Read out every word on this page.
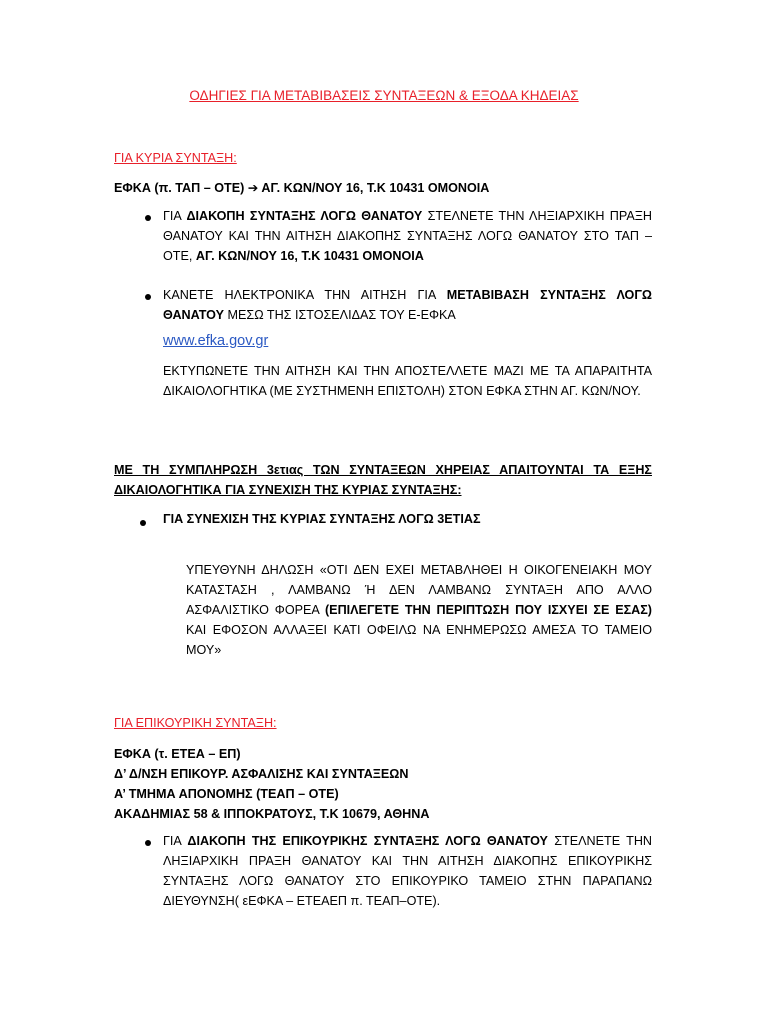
ΟΔΗΓΙΕΣ ΓΙΑ ΜΕΤΑΒΙΒΑΣΕΙΣ ΣΥΝΤΑΞΕΩΝ & ΕΞΟΔΑ ΚΗΔΕΙΑΣ
ΓΙΑ ΚΥΡΙΑ ΣΥΝΤΑΞΗ:
ΕΦΚΑ (π. ΤΑΠ – ΟΤΕ) ➔ ΑΓ. ΚΩΝ/ΝΟΥ 16, Τ.Κ 10431 ΟΜΟΝΟΙΑ
ΓΙΑ ΔΙΑΚΟΠΗ ΣΥΝΤΑΞΗΣ ΛΟΓΩ ΘΑΝΑΤΟΥ ΣΤΕΛΝΕΤΕ ΤΗΝ ΛΗΞΙΑΡΧΙΚΗ ΠΡΑΞΗ ΘΑΝΑΤΟΥ ΚΑΙ ΤΗΝ ΑΙΤΗΣΗ ΔΙΑΚΟΠΗΣ ΣΥΝΤΑΞΗΣ ΛΟΓΩ ΘΑΝΑΤΟΥ ΣΤΟ ΤΑΠ – ΟΤΕ, ΑΓ. ΚΩΝ/ΝΟΥ 16, Τ.Κ 10431 ΟΜΟΝΟΙΑ
ΚΑΝΕΤΕ ΗΛΕΚΤΡΟΝΙΚΑ ΤΗΝ ΑΙΤΗΣΗ ΓΙΑ ΜΕΤΑΒΙΒΑΣΗ ΣΥΝΤΑΞΗΣ ΛΟΓΩ ΘΑΝΑΤΟΥ ΜΕΣΩ ΤΗΣ ΙΣΤΟΣΕΛΙΔΑΣ ΤΟΥ Ε-ΕΦΚΑ
www.efka.gov.gr
ΕΚΤΥΠΩΝΕΤΕ ΤΗΝ ΑΙΤΗΣΗ ΚΑΙ ΤΗΝ ΑΠΟΣΤΕΛΛΕΤΕ ΜΑΖΙ ΜΕ ΤΑ ΑΠΑΡΑΙΤΗΤΑ ΔΙΚΑΙΟΛΟΓΗΤΙΚΑ (ΜΕ ΣΥΣΤΗΜΕΝΗ ΕΠΙΣΤΟΛΗ) ΣΤΟΝ ΕΦΚΑ ΣΤΗΝ ΑΓ. ΚΩΝ/ΝΟΥ.
ΜΕ ΤΗ ΣΥΜΠΛΗΡΩΣΗ 3ετιας ΤΩΝ ΣΥΝΤΑΞΕΩΝ ΧΗΡΕΙΑΣ ΑΠΑΙΤΟΥΝΤΑΙ ΤΑ ΕΞΗΣ ΔΙΚΑΙΟΛΟΓΗΤΙΚΑ ΓΙΑ ΣΥΝΕΧΙΣΗ ΤΗΣ ΚΥΡΙΑΣ ΣΥΝΤΑΞΗΣ:
ΓΙΑ ΣΥΝΕΧΙΣΗ ΤΗΣ ΚΥΡΙΑΣ ΣΥΝΤΑΞΗΣ ΛΟΓΩ 3ΕΤΙΑΣ
ΥΠΕΥΘΥΝΗ ΔΗΛΩΣΗ «ΟΤΙ ΔΕΝ ΕΧΕΙ ΜΕΤΑΒΛΗΘΕΙ Η ΟΙΚΟΓΕΝΕΙΑΚΗ ΜΟΥ ΚΑΤΑΣΤΑΣΗ , ΛΑΜΒΑΝΩ Ή ΔΕΝ ΛΑΜΒΑΝΩ ΣΥΝΤΑΞΗ ΑΠΟ ΑΛΛΟ ΑΣΦΑΛΙΣΤΙΚΟ ΦΟΡΕΑ (ΕΠΙΛΕΓΕΤΕ ΤΗΝ ΠΕΡΙΠΤΩΣΗ ΠΟΥ ΙΣΧΥΕΙ ΣΕ ΕΣΑΣ) ΚΑΙ ΕΦΟΣΟΝ ΑΛΛΑΞΕΙ ΚΑΤΙ ΟΦΕΙΛΩ ΝΑ ΕΝΗΜΕΡΩΣΩ ΑΜΕΣΑ ΤΟ ΤΑΜΕΙΟ ΜΟΥ»
ΓΙΑ ΕΠΙΚΟΥΡΙΚΗ ΣΥΝΤΑΞΗ:
ΕΦΚΑ (τ. ΕΤΕΑ – ΕΠ)
Δ’ Δ/ΝΣΗ ΕΠΙΚΟΥΡ. ΑΣΦΑΛΙΣΗΣ ΚΑΙ ΣΥΝΤΑΞΕΩΝ
Α’ ΤΜΗΜΑ ΑΠΟΝΟΜΗΣ (ΤΕΑΠ – ΟΤΕ)
ΑΚΑΔΗΜΙΑΣ 58 & ΙΠΠΟΚΡΑΤΟΥΣ, Τ.Κ 10679, ΑΘΗΝΑ
ΓΙΑ ΔΙΑΚΟΠΗ ΤΗΣ ΕΠΙΚΟΥΡΙΚΗΣ ΣΥΝΤΑΞΗΣ ΛΟΓΩ ΘΑΝΑΤΟΥ ΣΤΕΛΝΕΤΕ ΤΗΝ ΛΗΞΙΑΡΧΙΚΗ ΠΡΑΞΗ ΘΑΝΑΤΟΥ ΚΑΙ ΤΗΝ ΑΙΤΗΣΗ ΔΙΑΚΟΠΗΣ ΕΠΙΚΟΥΡΙΚΗΣ ΣΥΝΤΑΞΗΣ ΛΟΓΩ ΘΑΝΑΤΟΥ ΣΤΟ ΕΠΙΚΟΥΡΙΚΟ ΤΑΜΕΙΟ ΣΤΗΝ ΠΑΡΑΠΑΝΩ ΔΙΕΥΘΥΝΣΗ( εΕΦΚΑ – ΕΤΕΑΕΠ π. ΤΕΑΠ–ΟΤΕ).
